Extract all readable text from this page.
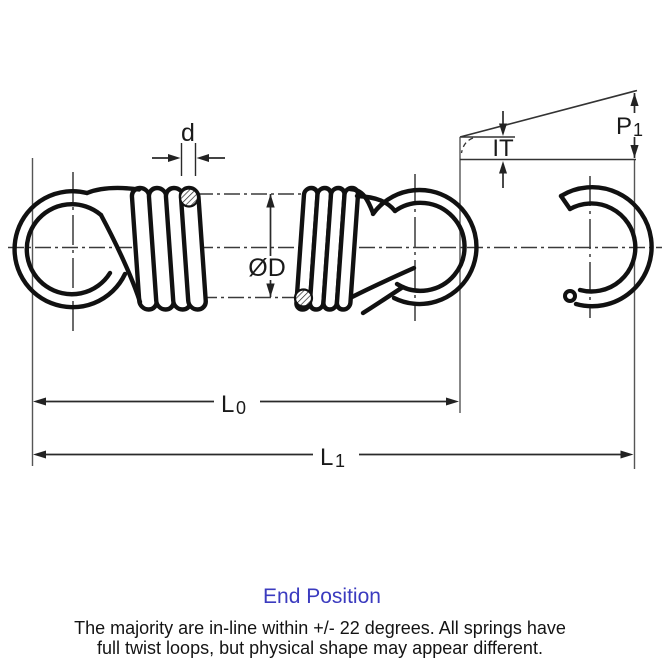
d
ØD
IT
P 1
L 0
L 1
End Position
The majority are in-line within +/- 22 degrees. All springs have
full twist loops, but physical shape may appear different.
